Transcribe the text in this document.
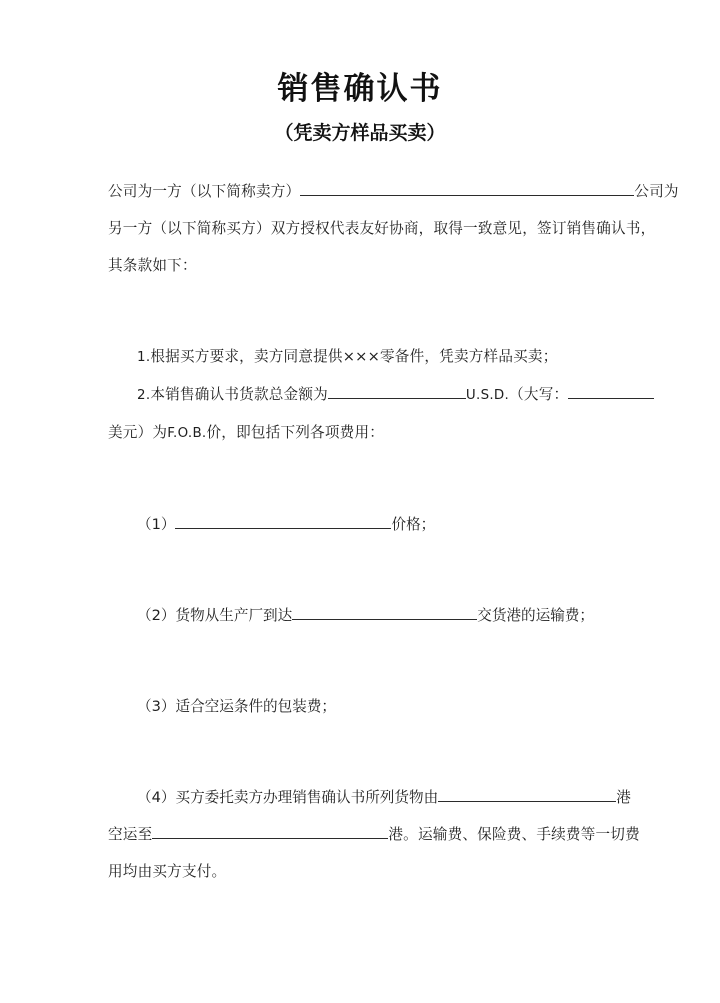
销售确认书
（凭卖方样品买卖）
公司为一方（以下简称卖方）	公司为
另一方（以下简称买方）双方授权代表友好协商，取得一致意见，签订销售确认书，
其条款如下：
1.根据买方要求，卖方同意提供×××零备件，凭卖方样品买卖；
2.本销售确认书货款总金额为	U.S.D.（大写：
美元）为F.O.B.价，即包括下列各项费用：
（1）	价格；
（2）货物从生产厂到达	交货港的运输费；
（3）适合空运条件的包装费；
（4）买方委托卖方办理销售确认书所列货物由	港
空运至	港。运输费、保险费、手续费等一切费
用均由买方支付。
